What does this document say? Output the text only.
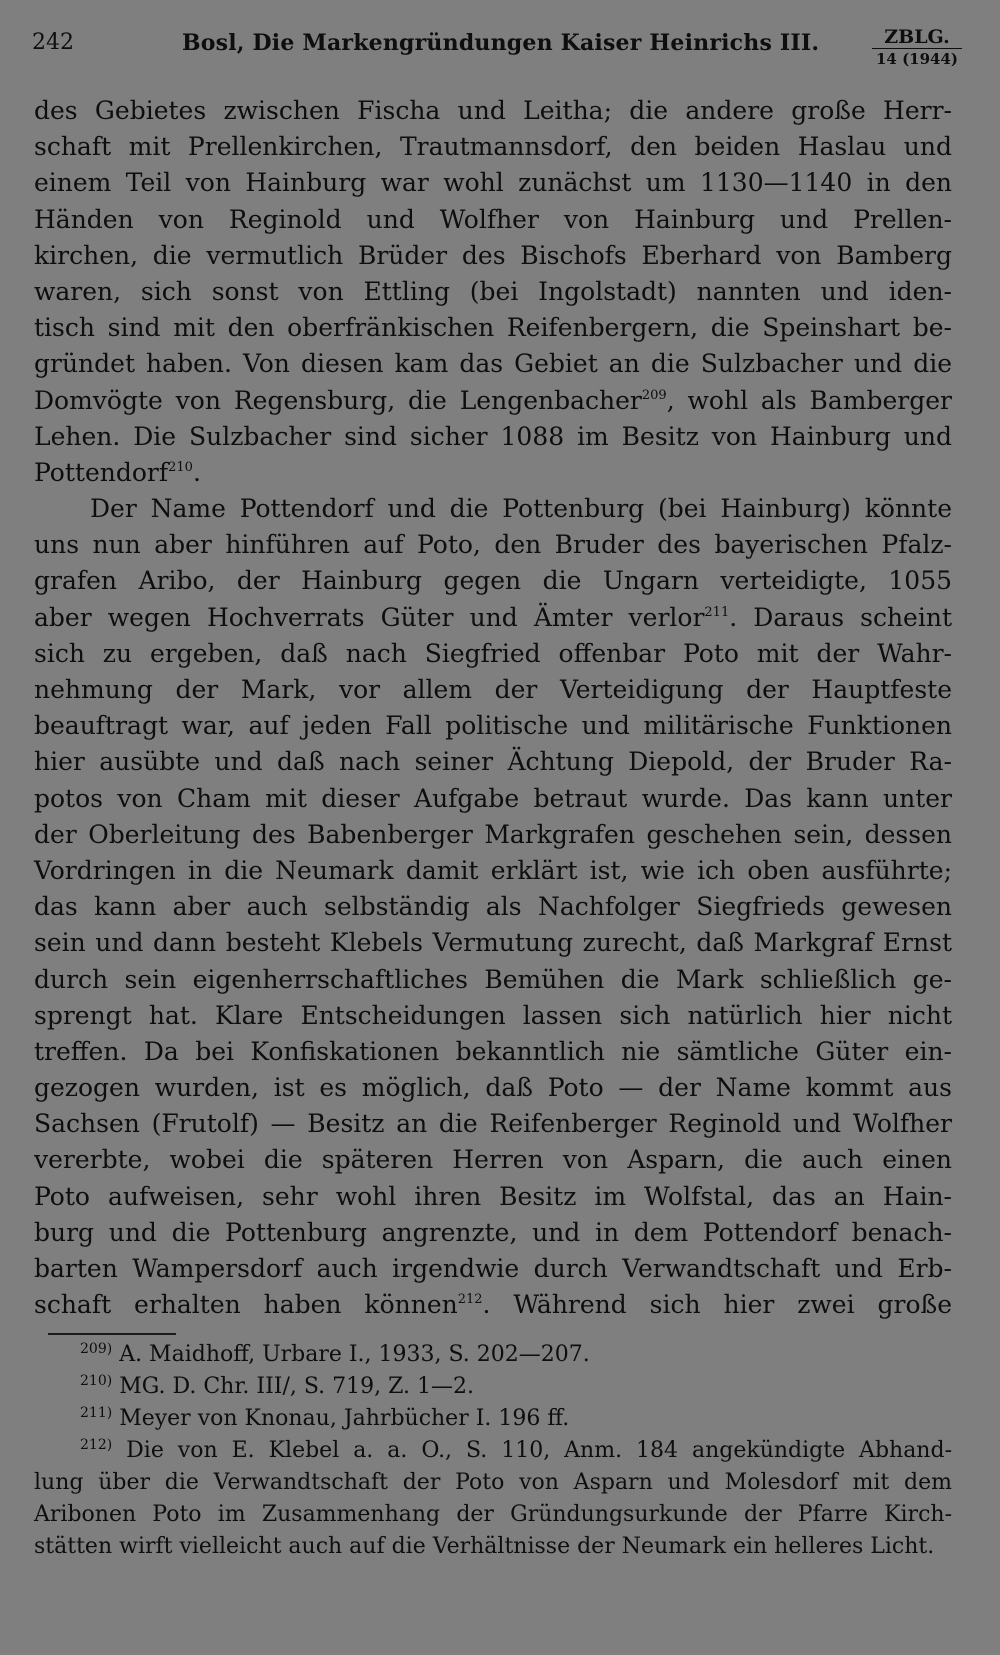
242	Bosl, Die Markengründungen Kaiser Heinrichs III.	ZBLG.
14 (1944)
des Gebietes zwischen Fischa und Leitha; die andere große Herr-
schaft mit Prellenkirchen, Trautmannsdorf, den beiden Haslau und
einem Teil von Hainburg war wohl zunächst um 1130—1140 in den
Händen von Reginold und Wolfher von Hainburg und Prellen-
kirchen, die vermutlich Brüder des Bischofs Eberhard von Bamberg
waren, sich sonst von Ettling (bei Ingolstadt) nannten und iden-
tisch sind mit den oberfränkischen Reifenbergern, die Speinshart be-
gründet haben. Von diesen kam das Gebiet an die Sulzbacher und die
Domvögte von Regensburg, die Lengenbacher$^{209}$, wohl als Bamberger
Lehen. Die Sulzbacher sind sicher 1088 im Besitz von Hainburg und
Pottendorf$^{210}$.
Der Name Pottendorf und die Pottenburg (bei Hainburg) könnte
uns nun aber hinführen auf Poto, den Bruder des bayerischen Pfalz-
grafen Aribo, der Hainburg gegen die Ungarn verteidigte, 1055
aber wegen Hochverrats Güter und Ämter verlor$^{211}$. Daraus scheint
sich zu ergeben, daß nach Siegfried offenbar Poto mit der Wahr-
nehmung der Mark, vor allem der Verteidigung der Hauptfeste
beauftragt war, auf jeden Fall politische und militärische Funktionen
hier ausübte und daß nach seiner Ächtung Diepold, der Bruder Ra-
potos von Cham mit dieser Aufgabe betraut wurde. Das kann unter
der Oberleitung des Babenberger Markgrafen geschehen sein, dessen
Vordringen in die Neumark damit erklärt ist, wie ich oben ausführte;
das kann aber auch selbständig als Nachfolger Siegfrieds gewesen
sein und dann besteht Klebels Vermutung zurecht, daß Markgraf Ernst
durch sein eigenherrschaftliches Bemühen die Mark schließlich ge-
sprengt hat. Klare Entscheidungen lassen sich natürlich hier nicht
treffen. Da bei Konfiskationen bekanntlich nie sämtliche Güter ein-
gezogen wurden, ist es möglich, daß Poto — der Name kommt aus
Sachsen (Frutolf) — Besitz an die Reifenberger Reginold und Wolfher
vererbte, wobei die späteren Herren von Asparn, die auch einen
Poto aufweisen, sehr wohl ihren Besitz im Wolfstal, das an Hain-
burg und die Pottenburg angrenzte, und in dem Pottendorf benach-
barten Wampersdorf auch irgendwie durch Verwandtschaft und Erb-
schaft erhalten haben können$^{212}$. Während sich hier zwei große
$^{209)}$ A. Maidhoff, Urbare I., 1933, S. 202—207.
$^{210)}$ MG. D. Chr. III/, S. 719, Z. 1—2.
$^{211)}$ Meyer von Knonau, Jahrbücher I. 196 ff.
$^{212)}$ Die von E. Klebel a. a. O., S. 110, Anm. 184 angekündigte Abhand-
lung über die Verwandtschaft der Poto von Asparn und Molesdorf mit dem
Aribonen Poto im Zusammenhang der Gründungsurkunde der Pfarre Kirch-
stätten wirft vielleicht auch auf die Verhältnisse der Neumark ein helleres Licht.
